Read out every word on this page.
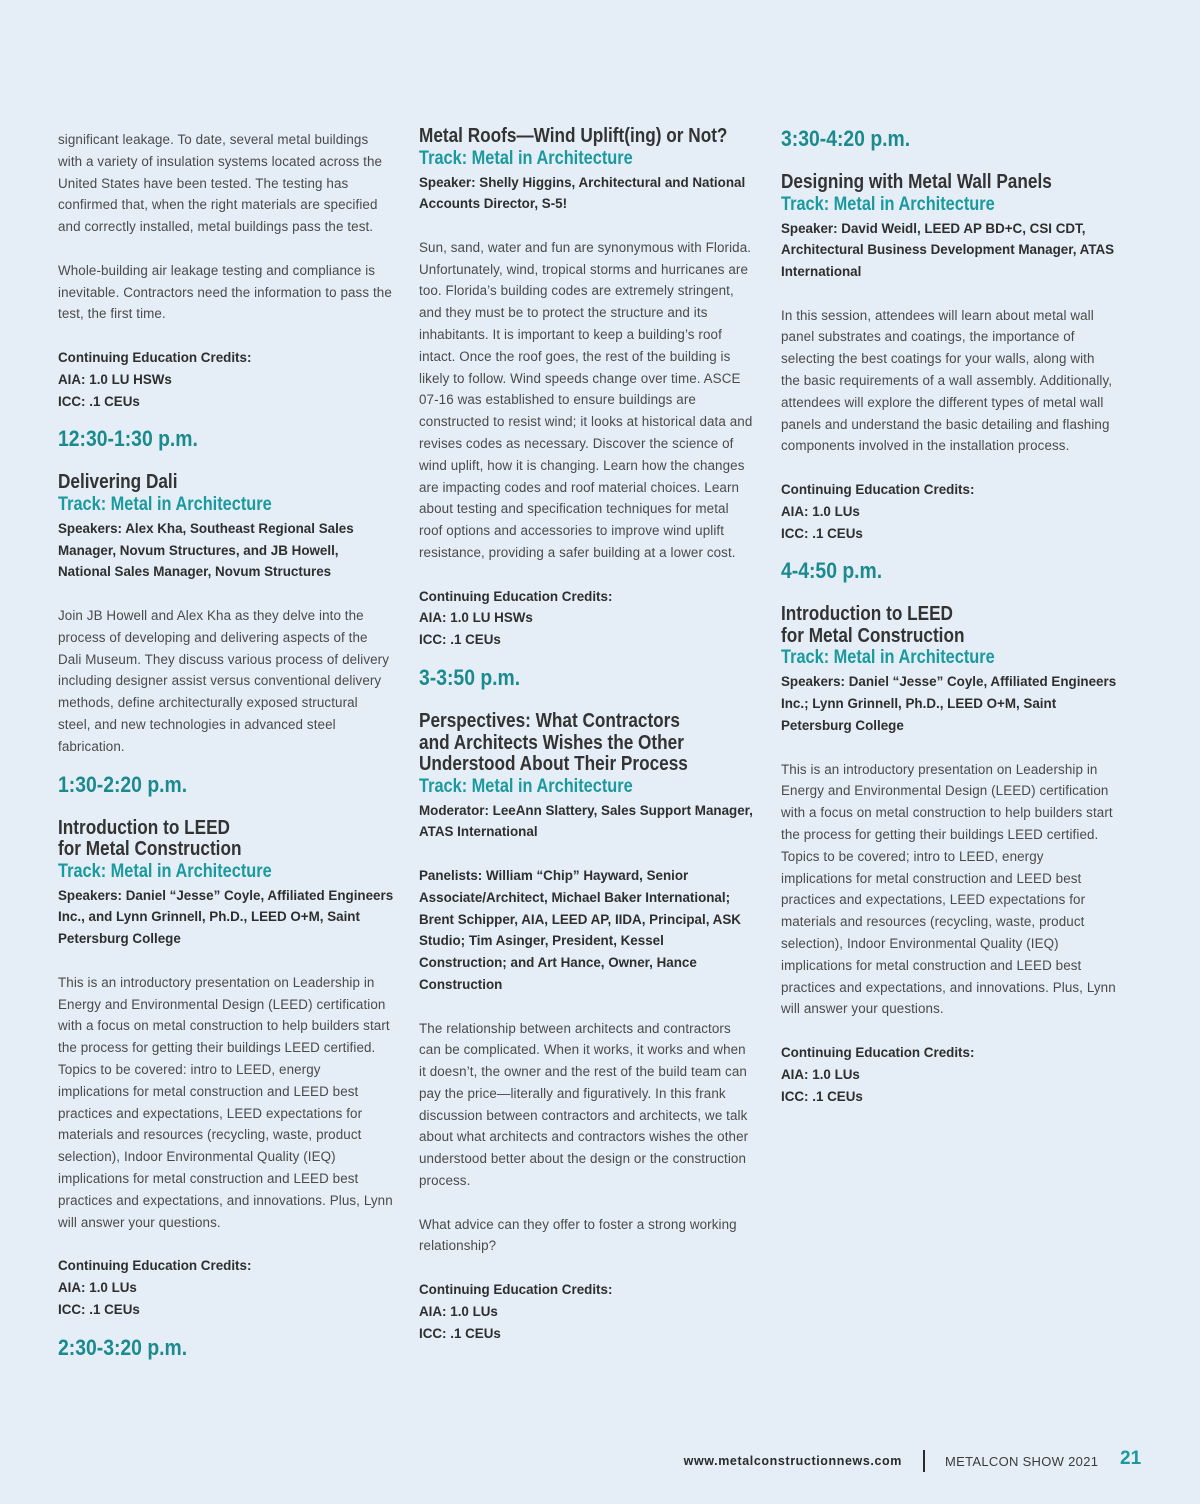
significant leakage. To date, several metal buildings with a variety of insulation systems located across the United States have been tested. The testing has confirmed that, when the right materials are specified and correctly installed, metal buildings pass the test.

Whole-building air leakage testing and compliance is inevitable. Contractors need the information to pass the test, the first time.

Continuing Education Credits:
AIA: 1.0 LU HSWs
ICC: .1 CEUs
12:30-1:30 p.m.
Delivering Dali
Track: Metal in Architecture

Speakers: Alex Kha, Southeast Regional Sales Manager, Novum Structures, and JB Howell, National Sales Manager, Novum Structures

Join JB Howell and Alex Kha as they delve into the process of developing and delivering aspects of the Dali Museum. They discuss various process of delivery including designer assist versus conventional delivery methods, define architecturally exposed structural steel, and new technologies in advanced steel fabrication.

1:30-2:20 p.m.
Introduction to LEED
for Metal Construction
Track: Metal in Architecture

Speakers: Daniel “Jesse” Coyle, Affiliated Engineers Inc., and Lynn Grinnell, Ph.D., LEED O+M, Saint Petersburg College

This is an introductory presentation on Leadership in Energy and Environmental Design (LEED) certification with a focus on metal construction to help builders start the process for getting their buildings LEED certified. Topics to be covered: intro to LEED, energy implications for metal construction and LEED best practices and expectations, LEED expectations for materials and resources (recycling, waste, product selection), Indoor Environmental Quality (IEQ) implications for metal construction and LEED best practices and expectations, and innovations. Plus, Lynn will answer your questions.

Continuing Education Credits:
AIA: 1.0 LUs
ICC: .1 CEUs
2:30-3:20 p.m.
Metal Roofs—Wind Uplift(ing) or Not?
Track: Metal in Architecture

Speaker: Shelly Higgins, Architectural and National Accounts Director, S-5!

Sun, sand, water and fun are synonymous with Florida. Unfortunately, wind, tropical storms and hurricanes are too. Florida’s building codes are extremely stringent, and they must be to protect the structure and its inhabitants. It is important to keep a building’s roof intact. Once the roof goes, the rest of the building is likely to follow. Wind speeds change over time. ASCE 07-16 was established to ensure buildings are constructed to resist wind; it looks at historical data and revises codes as necessary. Discover the science of wind uplift, how it is changing. Learn how the changes are impacting codes and roof material choices. Learn about testing and specification techniques for metal roof options and accessories to improve wind uplift resistance, providing a safer building at a lower cost.

Continuing Education Credits:
AIA: 1.0 LU HSWs
ICC: .1 CEUs
3-3:50 p.m.
Perspectives: What Contractors
and Architects Wishes the Other
Understood About Their Process
Track: Metal in Architecture

Moderator: LeeAnn Slattery, Sales Support Manager, ATAS International

Panelists: William “Chip” Hayward, Senior Associate/Architect, Michael Baker International; Brent Schipper, AIA, LEED AP, IIDA, Principal, ASK Studio; Tim Asinger, President, Kessel Construction; and Art Hance, Owner, Hance Construction

The relationship between architects and contractors can be complicated. When it works, it works and when it doesn’t, the owner and the rest of the build team can pay the price—literally and figuratively. In this frank discussion between contractors and architects, we talk about what architects and contractors wishes the other understood better about the design or the construction process.

What advice can they offer to foster a strong working relationship?

Continuing Education Credits:
AIA: 1.0 LUs
ICC: .1 CEUs
3:30-4:20 p.m.
Designing with Metal Wall Panels
Track: Metal in Architecture

Speaker: David Weidl, LEED AP BD+C, CSI CDT, Architectural Business Development Manager, ATAS International

In this session, attendees will learn about metal wall panel substrates and coatings, the importance of selecting the best coatings for your walls, along with the basic requirements of a wall assembly. Additionally, attendees will explore the different types of metal wall panels and understand the basic detailing and flashing components involved in the installation process.

Continuing Education Credits:
AIA: 1.0 LUs
ICC: .1 CEUs
4-4:50 p.m.
Introduction to LEED
for Metal Construction
Track: Metal in Architecture

Speakers: Daniel “Jesse” Coyle, Affiliated Engineers Inc.; Lynn Grinnell, Ph.D., LEED O+M, Saint Petersburg College

This is an introductory presentation on Leadership in Energy and Environmental Design (LEED) certification with a focus on metal construction to help builders start the process for getting their buildings LEED certified. Topics to be covered; intro to LEED, energy implications for metal construction and LEED best practices and expectations, LEED expectations for materials and resources (recycling, waste, product selection), Indoor Environmental Quality (IEQ) implications for metal construction and LEED best practices and expectations, and innovations. Plus, Lynn will answer your questions.

Continuing Education Credits:
AIA: 1.0 LUs
ICC: .1 CEUs
www.metalconstructionnews.com	METALCON SHOW 2021 21
